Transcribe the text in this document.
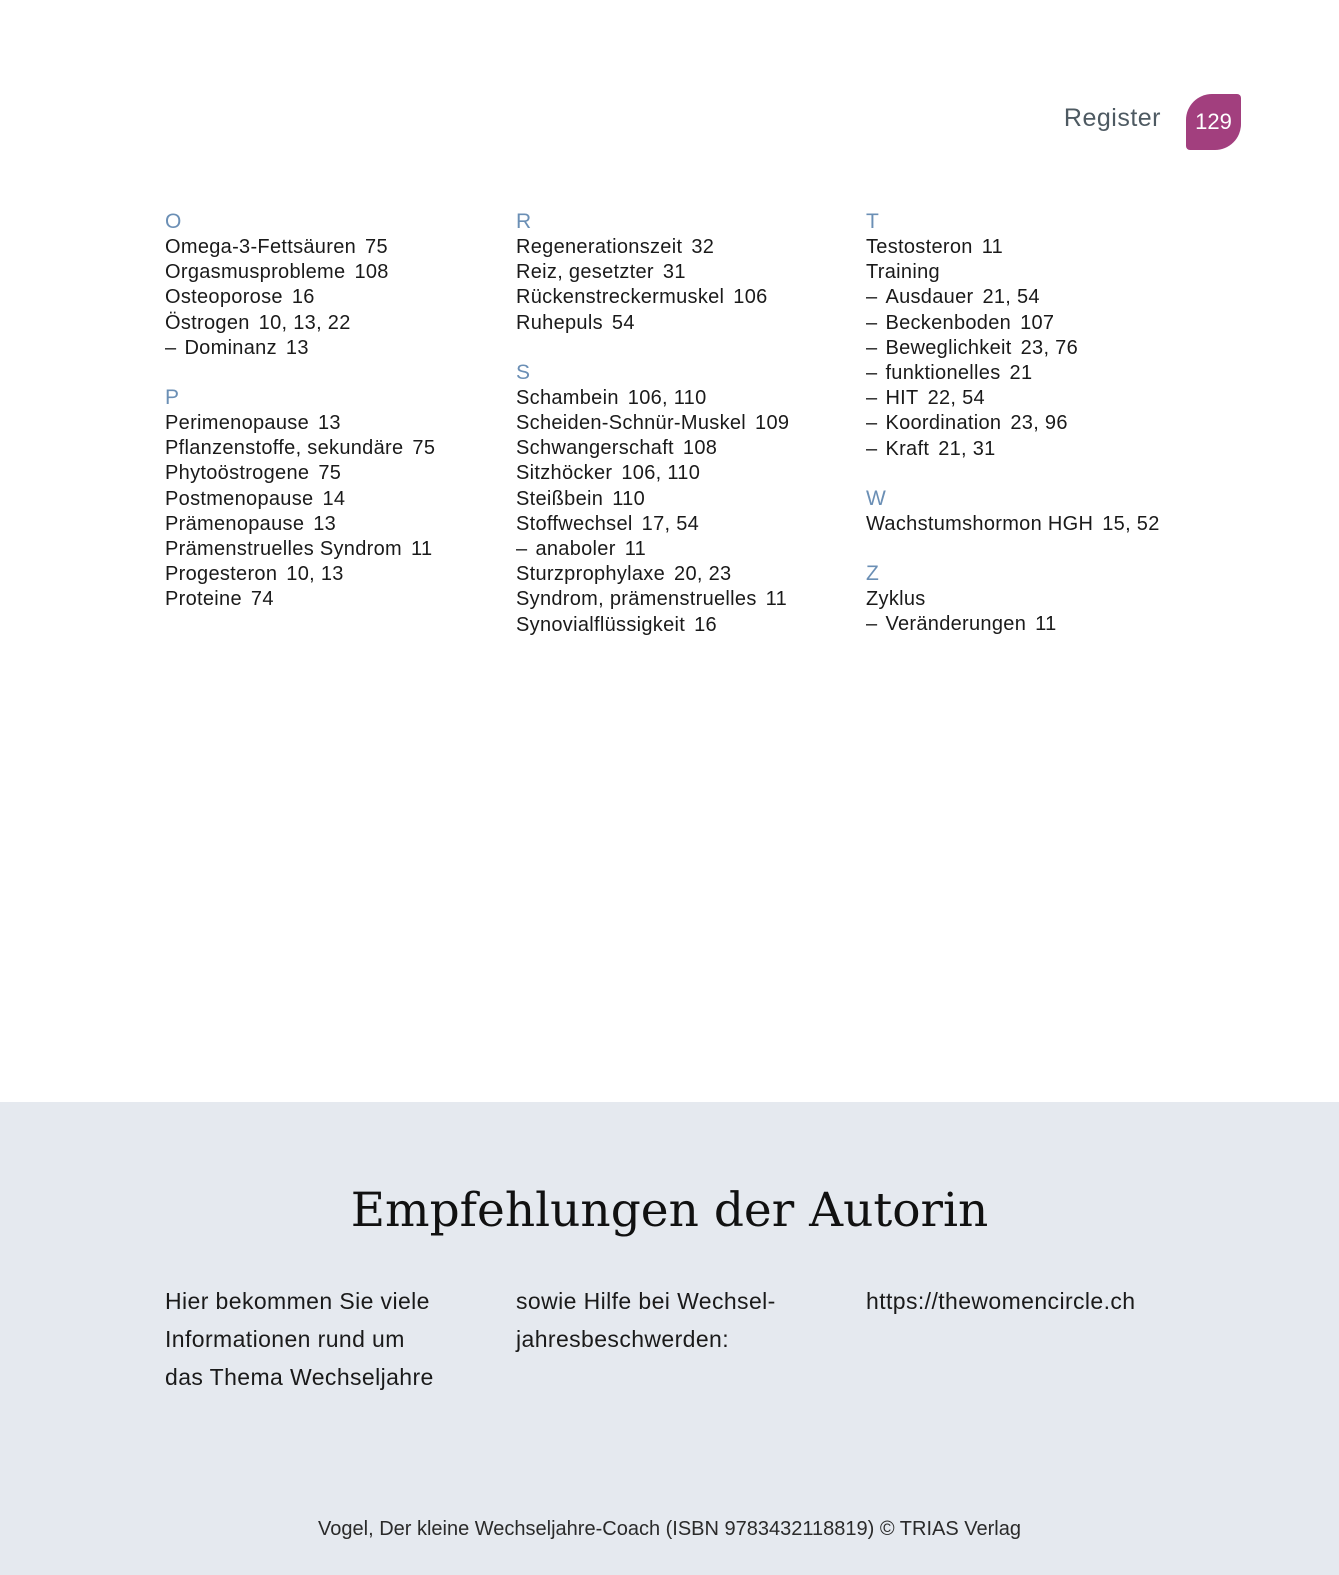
Register	129
O
Omega-3-Fettsäuren 75
Orgasmusprobleme 108
Osteoporose 16
Östrogen 10, 13, 22
– Dominanz 13
P
Perimenopause 13
Pflanzenstoffe, sekundäre 75
Phytoöstrogene 75
Postmenopause 14
Prämenopause 13
Prämenstruelles Syndrom 11
Progesteron 10, 13
Proteine 74
R
Regenerationszeit 32
Reiz, gesetzter 31
Rückenstreckermuskel 106
Ruhepuls 54
S
Schambein 106, 110
Scheiden-Schnür-Muskel 109
Schwangerschaft 108
Sitzhöcker 106, 110
Steißbein 110
Stoffwechsel 17, 54
– anaboler 11
Sturzprophylaxe 20, 23
Syndrom, prämenstruelles 11
Synovialflüssigkeit 16
T
Testosteron 11
Training
– Ausdauer 21, 54
– Beckenboden 107
– Beweglichkeit 23, 76
– funktionelles 21
– HIT 22, 54
– Koordination 23, 96
– Kraft 21, 31
W
Wachstumshormon HGH 15, 52
Z
Zyklus
– Veränderungen 11
Empfehlungen der Autorin
Hier bekommen Sie viele
Informationen rund um
das Thema Wechseljahre
sowie Hilfe bei Wechsel-
jahresbeschwerden:
https://thewomencircle.ch
Vogel, Der kleine Wechseljahre-Coach (ISBN 9783432118819) © TRIAS Verlag
